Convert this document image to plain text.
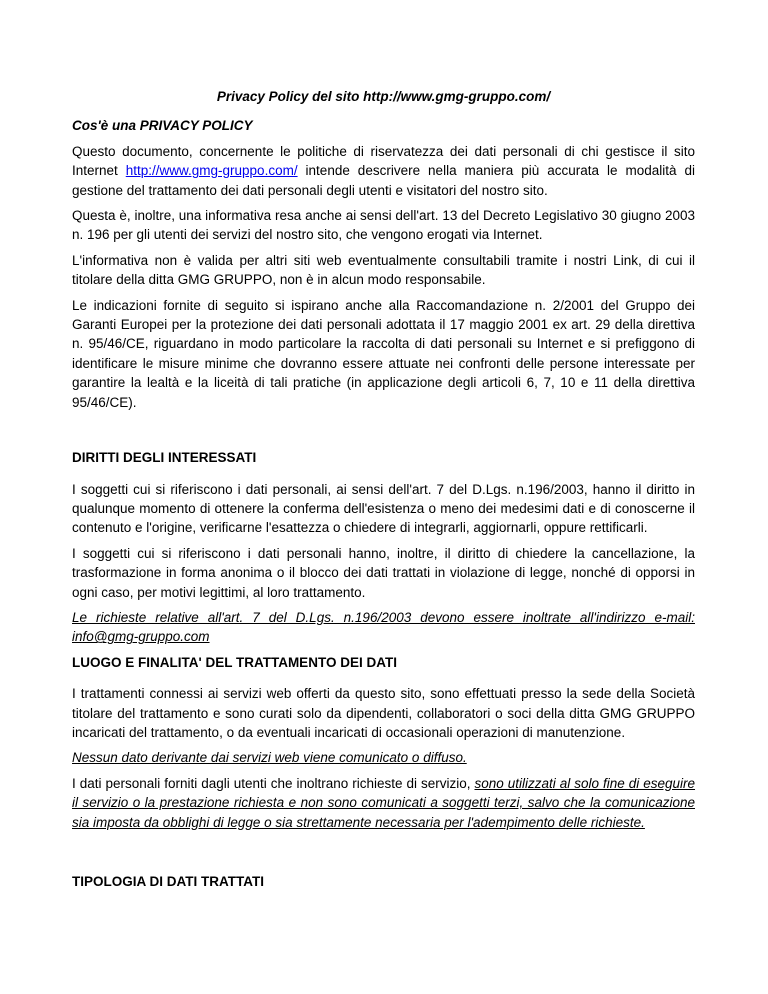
Privacy Policy del sito http://www.gmg-gruppo.com/

Cos'è una PRIVACY POLICY

Questo documento, concernente le politiche di riservatezza dei dati personali di chi gestisce il sito Internet http://www.gmg-gruppo.com/ intende descrivere nella maniera più accurata le modalità di gestione del trattamento dei dati personali degli utenti e visitatori del nostro sito.

Questa è, inoltre, una informativa resa anche ai sensi dell'art. 13 del Decreto Legislativo 30 giugno 2003 n. 196 per gli utenti dei servizi del nostro sito, che vengono erogati via Internet.

L'informativa non è valida per altri siti web eventualmente consultabili tramite i nostri Link, di cui il titolare della ditta GMG GRUPPO, non è in alcun modo responsabile.

Le indicazioni fornite di seguito si ispirano anche alla Raccomandazione n. 2/2001 del Gruppo dei Garanti Europei per la protezione dei dati personali adottata il 17 maggio 2001 ex art. 29 della direttiva n. 95/46/CE, riguardano in modo particolare la raccolta di dati personali su Internet e si prefiggono di identificare le misure minime che dovranno essere attuate nei confronti delle persone interessate per garantire la lealtà e la liceità di tali pratiche (in applicazione degli articoli 6, 7, 10 e 11 della direttiva 95/46/CE).

DIRITTI DEGLI INTERESSATI

I soggetti cui si riferiscono i dati personali, ai sensi dell'art. 7 del D.Lgs. n.196/2003, hanno il diritto in qualunque momento di ottenere la conferma dell'esistenza o meno dei medesimi dati e di conoscerne il contenuto e l'origine, verificarne l'esattezza o chiedere di integrarli, aggiornarli, oppure rettificarli.

I soggetti cui si riferiscono i dati personali hanno, inoltre, il diritto di chiedere la cancellazione, la trasformazione in forma anonima o il blocco dei dati trattati in violazione di legge, nonché di opporsi in ogni caso, per motivi legittimi, al loro trattamento.

Le richieste relative all'art. 7 del D.Lgs. n.196/2003 devono essere inoltrate all'indirizzo e-mail: info@gmg-gruppo.com

LUOGO E FINALITA' DEL TRATTAMENTO DEI DATI

I trattamenti connessi ai servizi web offerti da questo sito, sono effettuati presso la sede della Società titolare del trattamento e sono curati solo da dipendenti, collaboratori o soci della ditta GMG GRUPPO incaricati del trattamento, o da eventuali incaricati di occasionali operazioni di manutenzione.

Nessun dato derivante dai servizi web viene comunicato o diffuso.

I dati personali forniti dagli utenti che inoltrano richieste di servizio, sono utilizzati al solo fine di eseguire il servizio o la prestazione richiesta e non sono comunicati a soggetti terzi, salvo che la comunicazione sia imposta da obblighi di legge o sia strettamente necessaria per l'adempimento delle richieste.

TIPOLOGIA DI DATI TRATTATI
